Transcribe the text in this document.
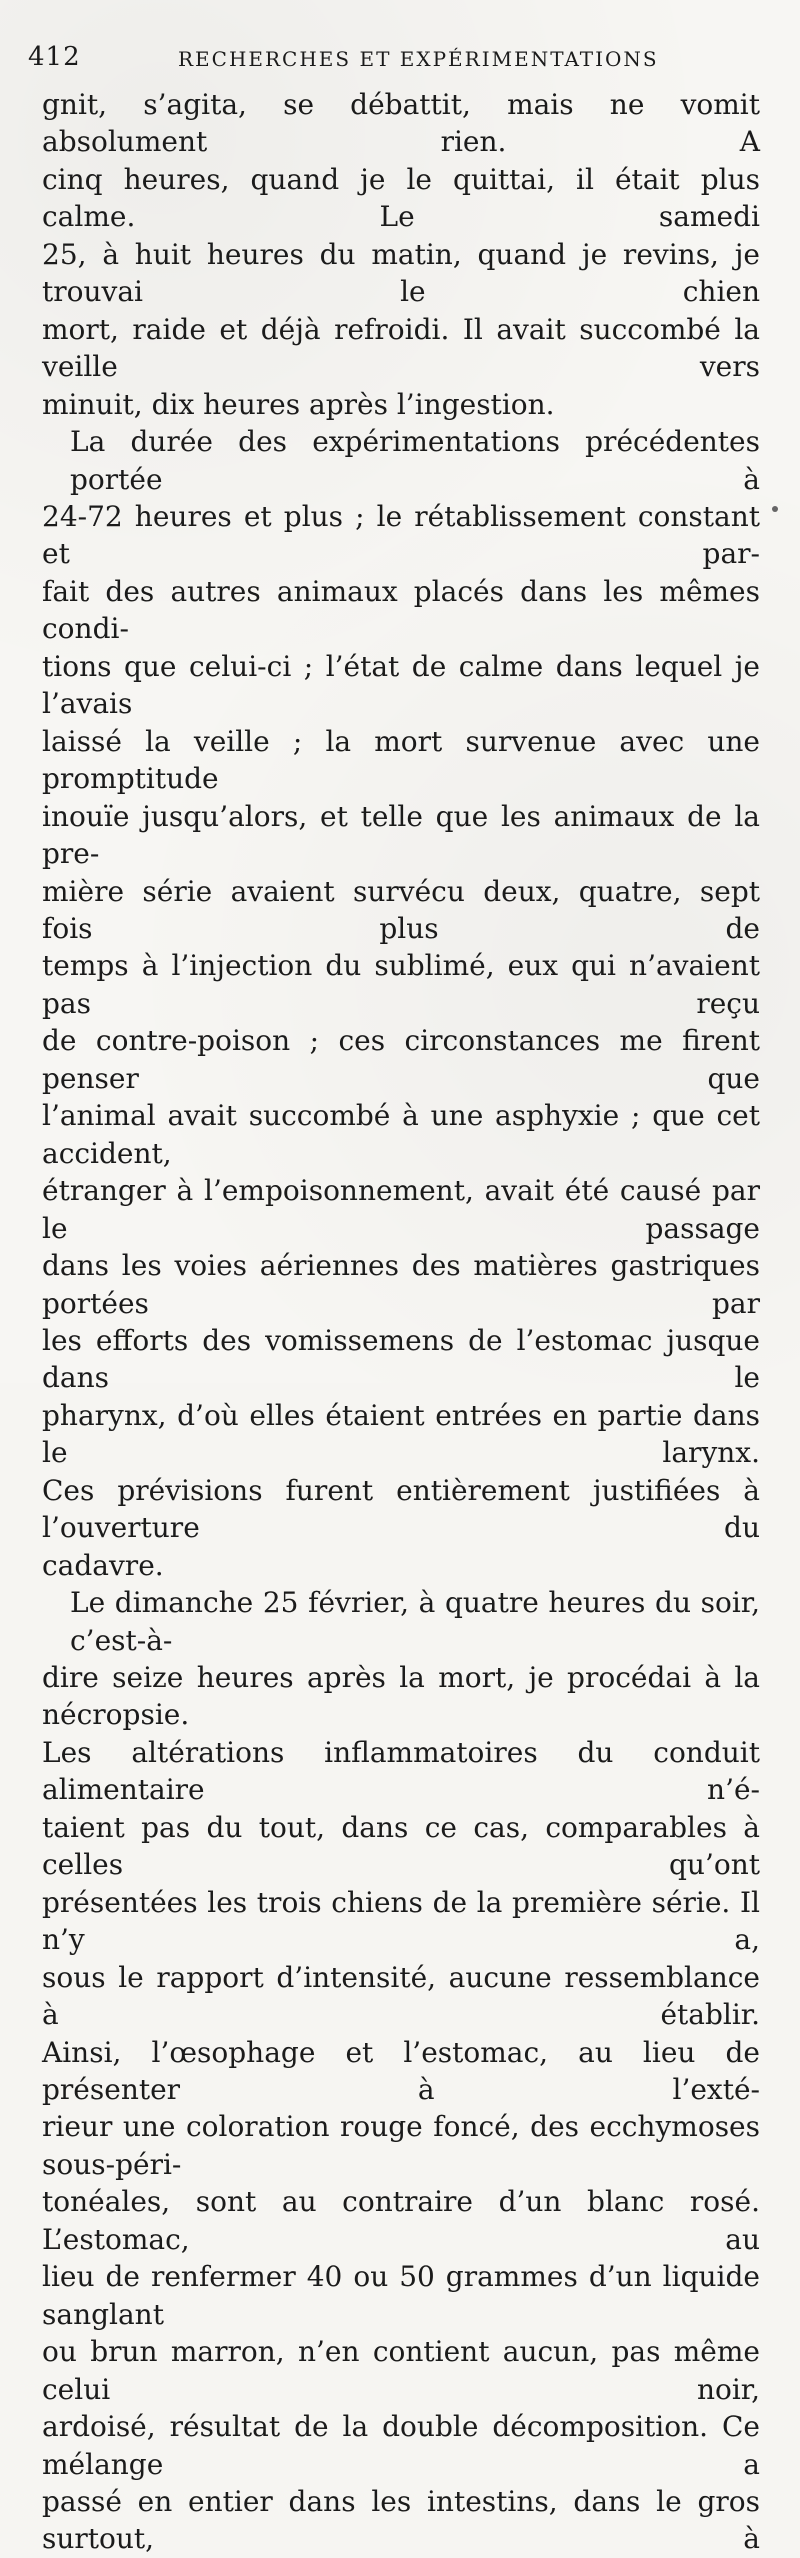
412	RECHERCHES ET EXPÉRIMENTATIONS
gnit, s’agita, se débattit, mais ne vomit absolument rien. A
cinq heures, quand je le quittai, il était plus calme. Le samedi
25, à huit heures du matin, quand je revins, je trouvai le chien
mort, raide et déjà refroidi. Il avait succombé la veille vers
minuit, dix heures après l’ingestion.
La durée des expérimentations précédentes portée à
24-72 heures et plus ; le rétablissement constant et par-
fait des autres animaux placés dans les mêmes condi-
tions que celui-ci ; l’état de calme dans lequel je l’avais
laissé la veille ; la mort survenue avec une promptitude
inouïe jusqu’alors, et telle que les animaux de la pre-
mière série avaient survécu deux, quatre, sept fois plus de
temps à l’injection du sublimé, eux qui n’avaient pas reçu
de contre-poison ; ces circonstances me firent penser que
l’animal avait succombé à une asphyxie ; que cet accident,
étranger à l’empoisonnement, avait été causé par le passage
dans les voies aériennes des matières gastriques portées par
les efforts des vomissemens de l’estomac jusque dans le
pharynx, d’où elles étaient entrées en partie dans le larynx.
Ces prévisions furent entièrement justifiées à l’ouverture du
cadavre.
Le dimanche 25 février, à quatre heures du soir, c’est-à-
dire seize heures après la mort, je procédai à la nécropsie.
Les altérations inflammatoires du conduit alimentaire n’é-
taient pas du tout, dans ce cas, comparables à celles qu’ont
présentées les trois chiens de la première série. Il n’y a,
sous le rapport d’intensité, aucune ressemblance à établir.
Ainsi, l’œsophage et l’estomac, au lieu de présenter à l’exté-
rieur une coloration rouge foncé, des ecchymoses sous-péri-
tonéales, sont au contraire d’un blanc rosé. L’estomac, au
lieu de renfermer 40 ou 50 grammes d’un liquide sanglant
ou brun marron, n’en contient aucun, pas même celui noir,
ardoisé, résultat de la double décomposition. Ce mélange a
passé en entier dans les intestins, dans le gros surtout, à
